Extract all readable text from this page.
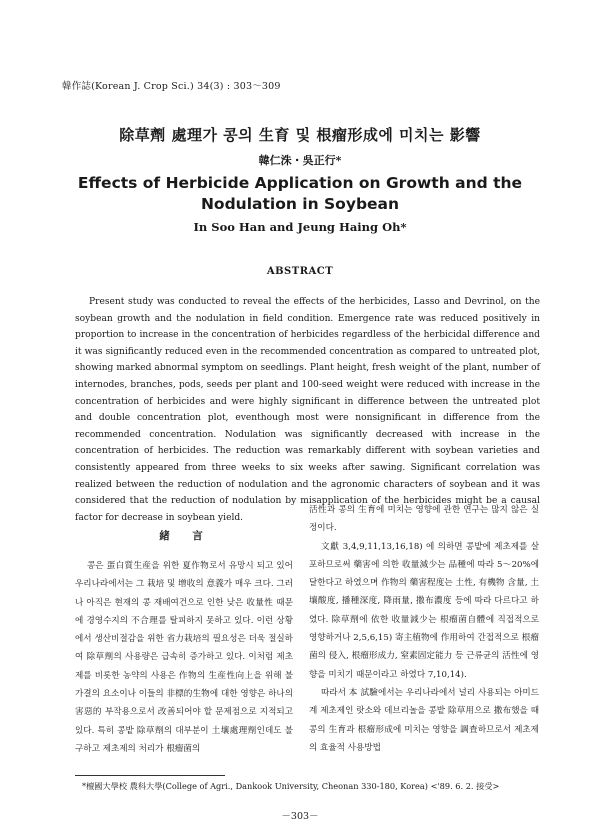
韓作誌(Korean J. Crop Sci.) 34(3) : 303～309
除草劑 處理가 콩의 生育 및 根瘤形成에 미치는 影響
韓仁洙・吳正行*
Effects of Herbicide Application on Growth and the Nodulation in Soybean
In Soo Han and Jeung Haing Oh*
ABSTRACT

Present study was conducted to reveal the effects of the herbicides, Lasso and Devrinol, on the soybean growth and the nodulation in field condition. Emergence rate was reduced positively in proportion to increase in the concentration of herbicides regardless of the herbicidal difference and it was significantly reduced even in the recommended concentration as compared to untreated plot, showing marked abnormal symptom on seedlings. Plant height, fresh weight of the plant, number of internodes, branches, pods, seeds per plant and 100-seed weight were reduced with increase in the concentration of herbicides and were highly significant in difference between the untreated plot and double concentration plot, eventhough most were nonsignificant in difference from the recommended concentration. Nodulation was significantly decreased with increase in the concentration of herbicides. The reduction was remarkably different with soybean varieties and consistently appeared from three weeks to six weeks after sawing. Significant correlation was realized between the reduction of nodulation and the agronomic characters of soybean and it was considered that the reduction of nodulation by misapplication of the herbicides might be a causal factor for decrease in soybean yield.

緒　言

콩은 蛋白質生産을 위한 夏作物로서 유망시 되고 있어 우리나라에서는 그 栽培 및 增收의 意義가 매우 크다. 그러나 아직은 현재의 콩 재배여건으로 인한 낮은 收量性 때문에 경영수지의 不合理를 탈피하지 못하고 있다. 이런 상황에서 생산비절감을 위한 省力栽培의 필요성은 더욱 절실하여 除草劑의 사용량은 급속히 증가하고 있다. 이처럼 제초제를 비롯한 농약의 사용은 作物의 生産性向上을 위해 불가결의 요소이나 이들의 非標的生物에 대한 영향은 하나의 害惡的 부작용으로서 改善되어야 할 문제점으로 지적되고 있다. 특히 콩밭 除草劑의 대부분이 土壤處理劑인데도 불구하고 제초제의 처리가 根瘤菌의

活性과 콩의 生育에 미치는 영향에 관한 연구는 많지 않은 실정이다.

文獻 3,4,9,11,13,16,18) 에 의하면 콩밭에 제초제를 살포하므로써 藥害에 의한 收量減少는 品種에 따라 5～20%에 달한다고 하였으며 作物의 藥害程度는 土性, 有機物 含量, 土壤酸度, 播種深度, 降雨量, 撒布濃度 등에 따라 다르다고 하였다. 除草劑에 依한 收量減少는 根瘤菌自體에 직접적으로 영향하거나 2,5,6,15) 寄主植物에 作用하여 간접적으로 根瘤菌의 侵入, 根瘤形成力, 窒素固定能力 등 근류균의 活性에 영향을 미치기 때문이라고 하였다 7,10,14).

따라서 本 試驗에서는 우리나라에서 널리 사용되는 아미드계 제초제인 랏소와 데브리놀을 콩밭 除草用으로 撒布했을 때 콩의 生育과 根瘤形成에 미치는 영향을 調査하므로서 제초제의 효율적 사용방법

*檀國大學校 農科大學(College of Agri., Dankook University, Cheonan 330-180, Korea) <'89. 6. 2. 接受>
－303－
